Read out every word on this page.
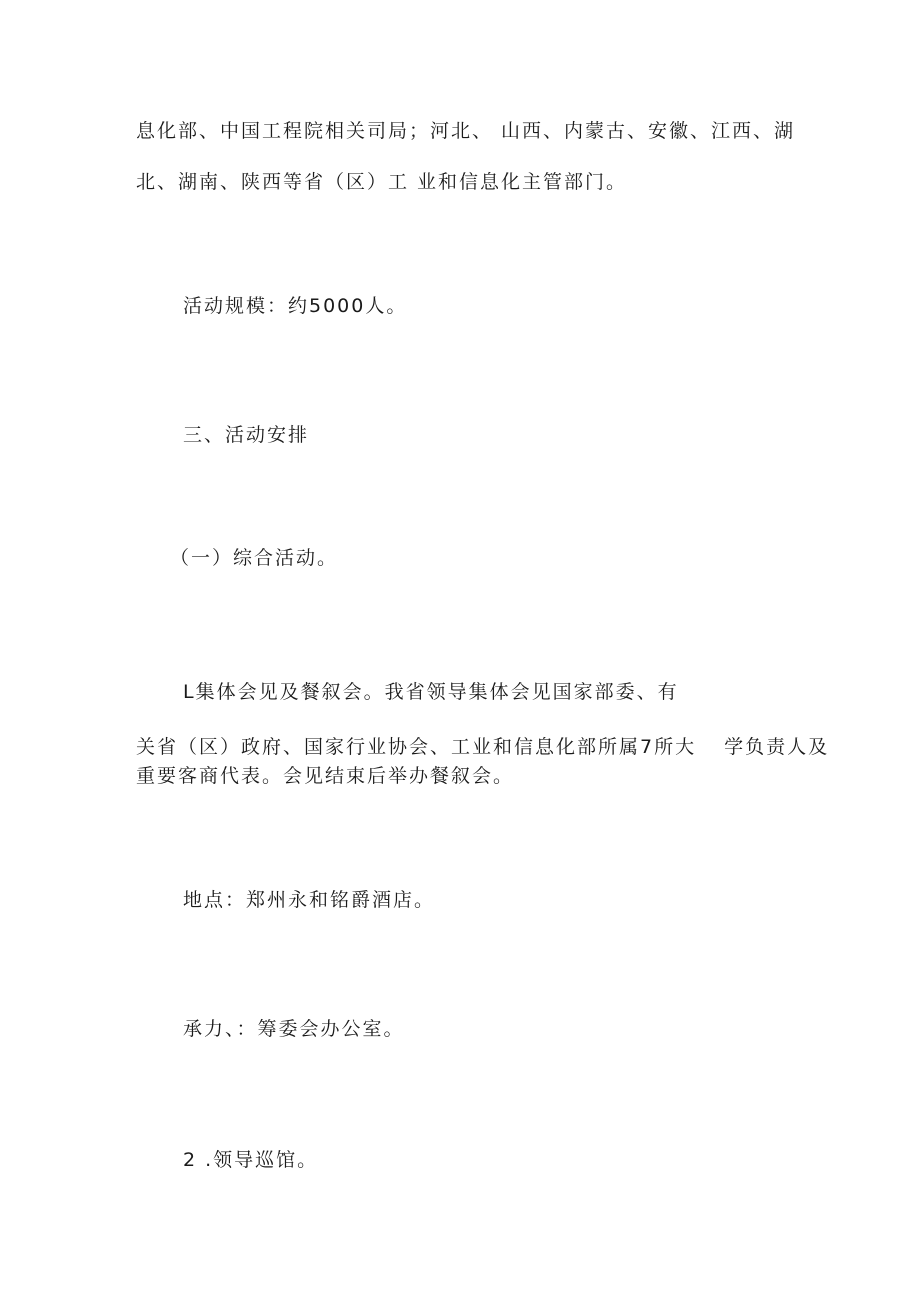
息化部、中国工程院相关司局；河北、 山西、内蒙古、安徽、江西、湖
北、湖南、陕西等省（区）工 业和信息化主管部门。
活动规模：约5000人。
三、活动安排
（一）综合活动。
L集体会见及餐叙会。我省领导集体会见国家部委、有
关省（区）政府、国家行业协会、工业和信息化部所属7所大 学负责人及
重要客商代表。会见结束后举办餐叙会。
地点：郑州永和铭爵酒店。
承力、：筹委会办公室。
2 .领导巡馆。
